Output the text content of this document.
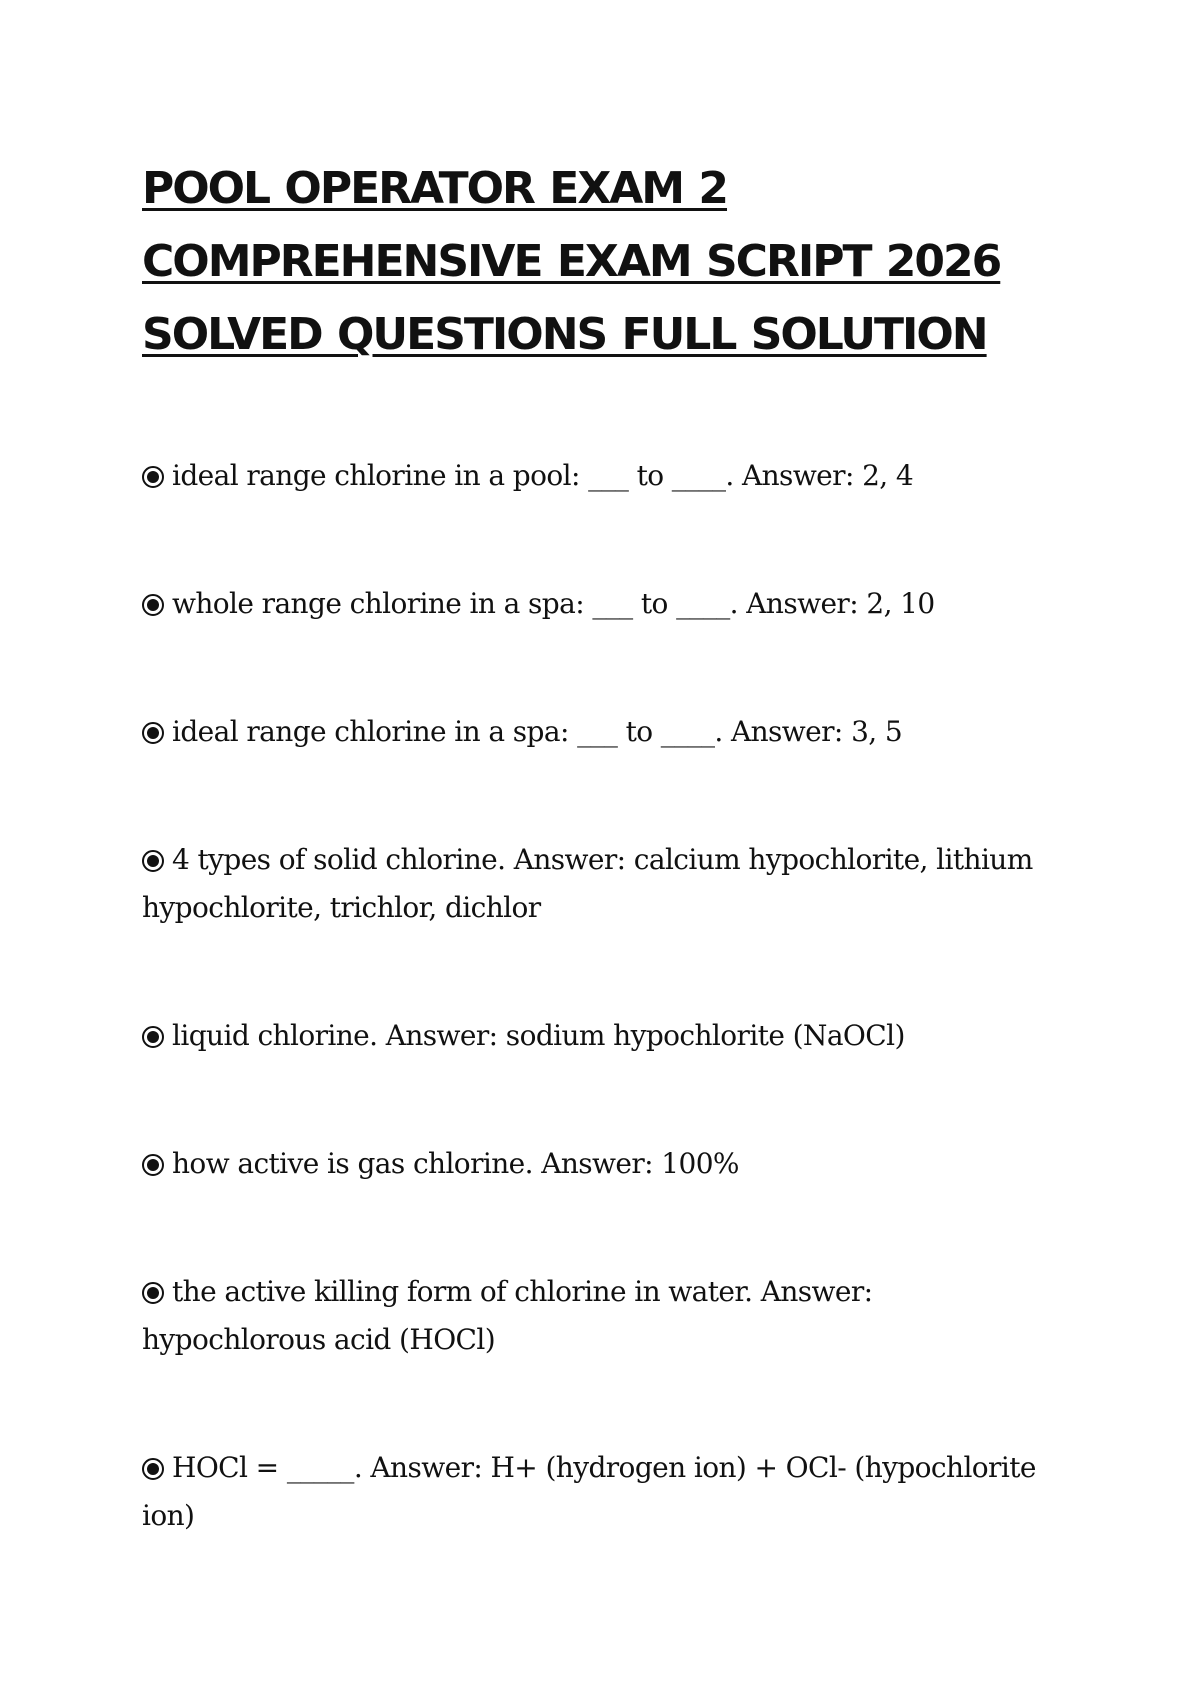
POOL OPERATOR EXAM 2 COMPREHENSIVE EXAM SCRIPT 2026 SOLVED QUESTIONS FULL SOLUTION
ideal range chlorine in a pool: ___ to ____. Answer: 2, 4
whole range chlorine in a spa: ___ to ____. Answer: 2, 10
ideal range chlorine in a spa: ___ to ____. Answer: 3, 5
4 types of solid chlorine. Answer: calcium hypochlorite, lithium hypochlorite, trichlor, dichlor
liquid chlorine. Answer: sodium hypochlorite (NaOCl)
how active is gas chlorine. Answer: 100%
the active killing form of chlorine in water. Answer: hypochlorous acid (HOCl)
HOCl = _____. Answer: H+ (hydrogen ion) + OCl- (hypochlorite ion)
